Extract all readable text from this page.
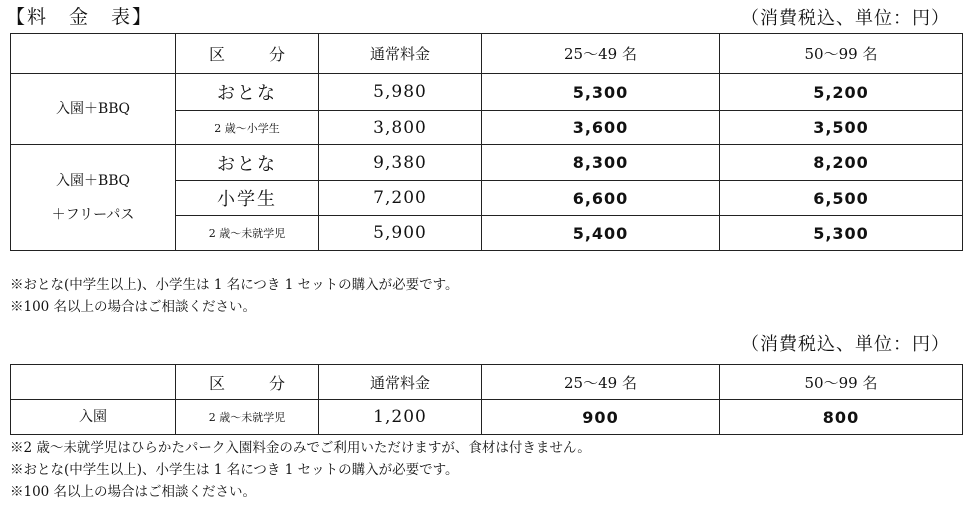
【料　金　表】	（消費税込、単位：円）
	区　分	通常料金	25～49 名	50～99 名
入園＋BBQ	おとな	5,980	5,300	5,200
	2 歳～小学生	3,800	3,600	3,500

入園＋BBQ
＋フリーパス	おとな	9,380	8,300	8,200
	小学生	7,200	6,600	6,500
	2 歳～未就学児	5,900	5,400	5,300
※おとな(中学生以上)、小学生は 1 名につき 1 セットの購入が必要です。
※100 名以上の場合はご相談ください。
（消費税込、単位：円）
	区　分	通常料金	25～49 名	50～99 名
入園	2 歳～未就学児	1,200	900	800
※2 歳～未就学児はひらかたパーク入園料金のみでご利用いただけますが、食材は付きません。
※おとな(中学生以上)、小学生は 1 名につき 1 セットの購入が必要です。
※100 名以上の場合はご相談ください。
